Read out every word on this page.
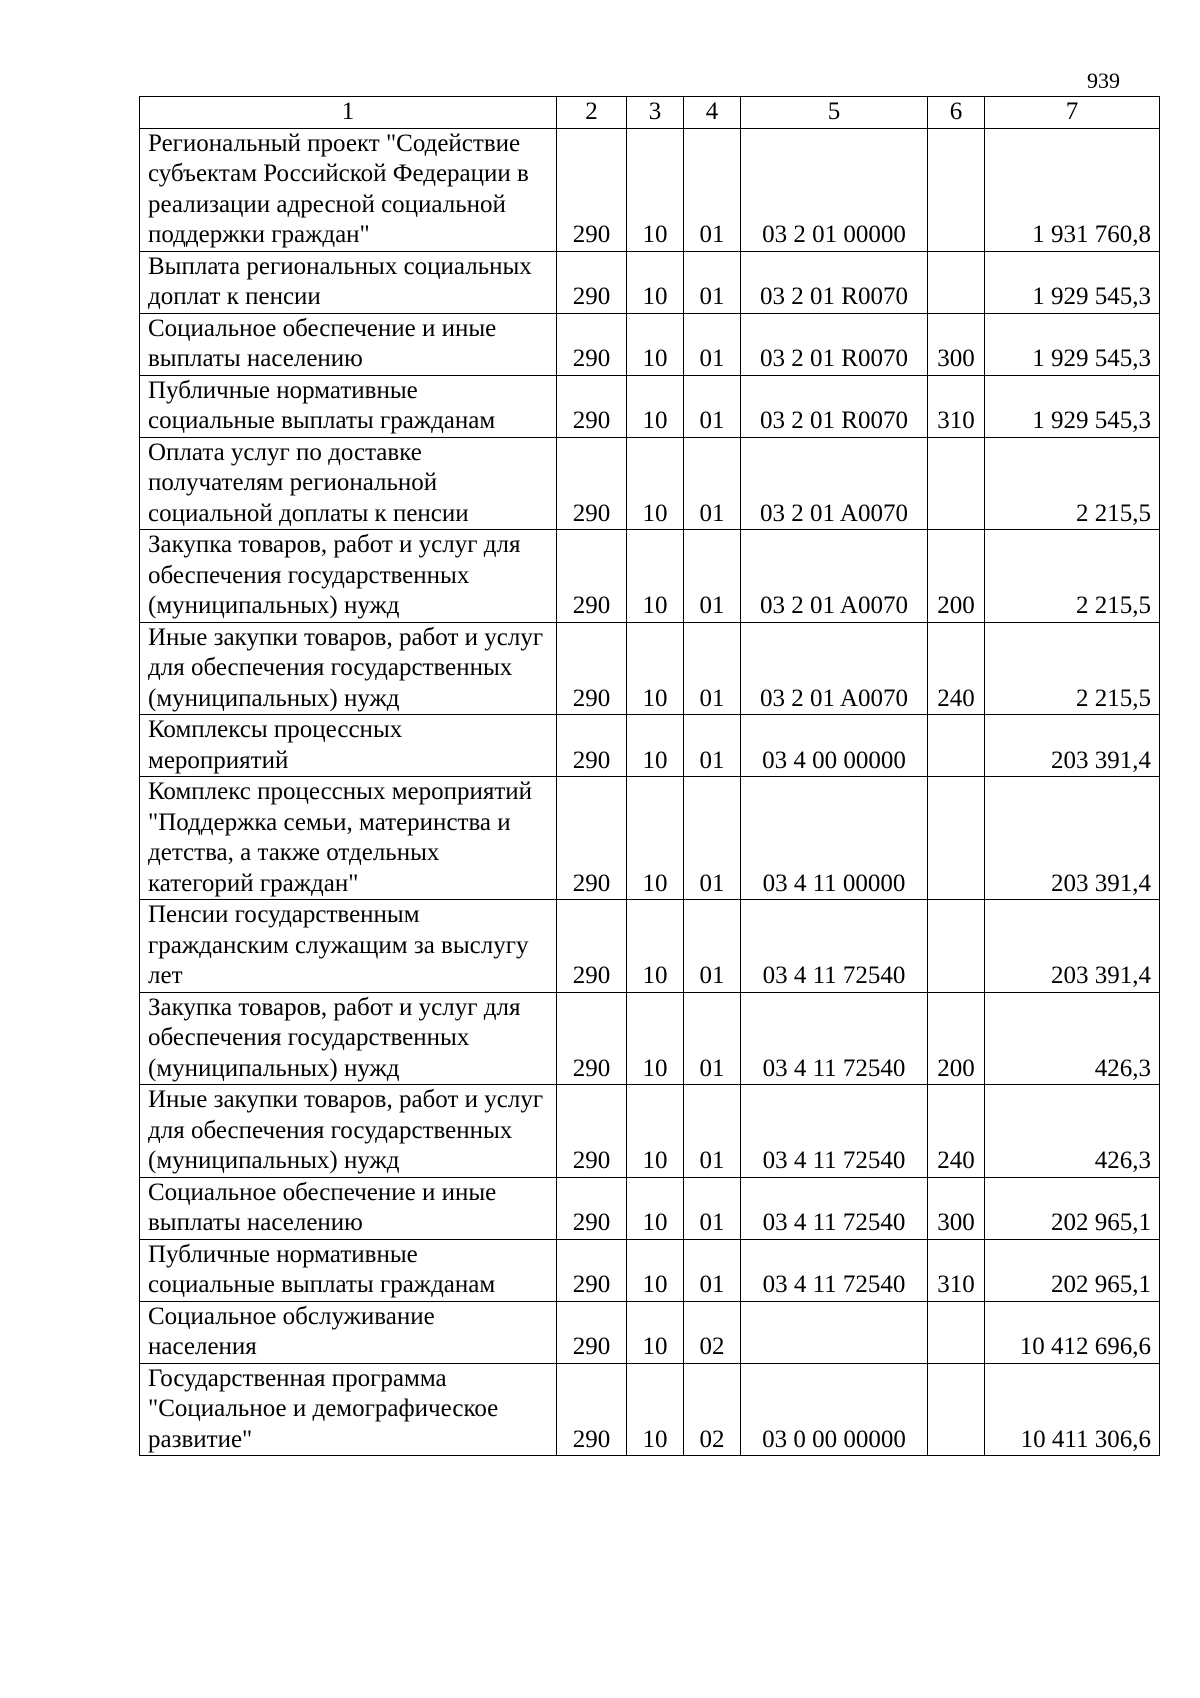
939
1	2	3	4	5	6	7
Региональный проект "Содействие субъектам Российской Федерации в реализации адресной социальной поддержки граждан"	290	10	01	03 2 01 00000		1 931 760,8
Выплата региональных социальных доплат к пенсии	290	10	01	03 2 01 R0070		1 929 545,3
Социальное обеспечение и иные выплаты населению	290	10	01	03 2 01 R0070	300	1 929 545,3
Публичные нормативные социальные выплаты гражданам	290	10	01	03 2 01 R0070	310	1 929 545,3
Оплата услуг по доставке получателям региональной социальной доплаты к пенсии	290	10	01	03 2 01 A0070		2 215,5
Закупка товаров, работ и услуг для обеспечения государственных (муниципальных) нужд	290	10	01	03 2 01 A0070	200	2 215,5
Иные закупки товаров, работ и услуг для обеспечения государственных (муниципальных) нужд	290	10	01	03 2 01 A0070	240	2 215,5
Комплексы процессных мероприятий	290	10	01	03 4 00 00000		203 391,4
Комплекс процессных мероприятий "Поддержка семьи, материнства и детства, а также отдельных категорий граждан"	290	10	01	03 4 11 00000		203 391,4
Пенсии государственным гражданским служащим за выслугу лет	290	10	01	03 4 11 72540		203 391,4
Закупка товаров, работ и услуг для обеспечения государственных (муниципальных) нужд	290	10	01	03 4 11 72540	200	426,3
Иные закупки товаров, работ и услуг для обеспечения государственных (муниципальных) нужд	290	10	01	03 4 11 72540	240	426,3
Социальное обеспечение и иные выплаты населению	290	10	01	03 4 11 72540	300	202 965,1
Публичные нормативные социальные выплаты гражданам	290	10	01	03 4 11 72540	310	202 965,1
Социальное обслуживание населения	290	10	02			10 412 696,6
Государственная программа "Социальное и демографическое развитие"	290	10	02	03 0 00 00000		10 411 306,6
